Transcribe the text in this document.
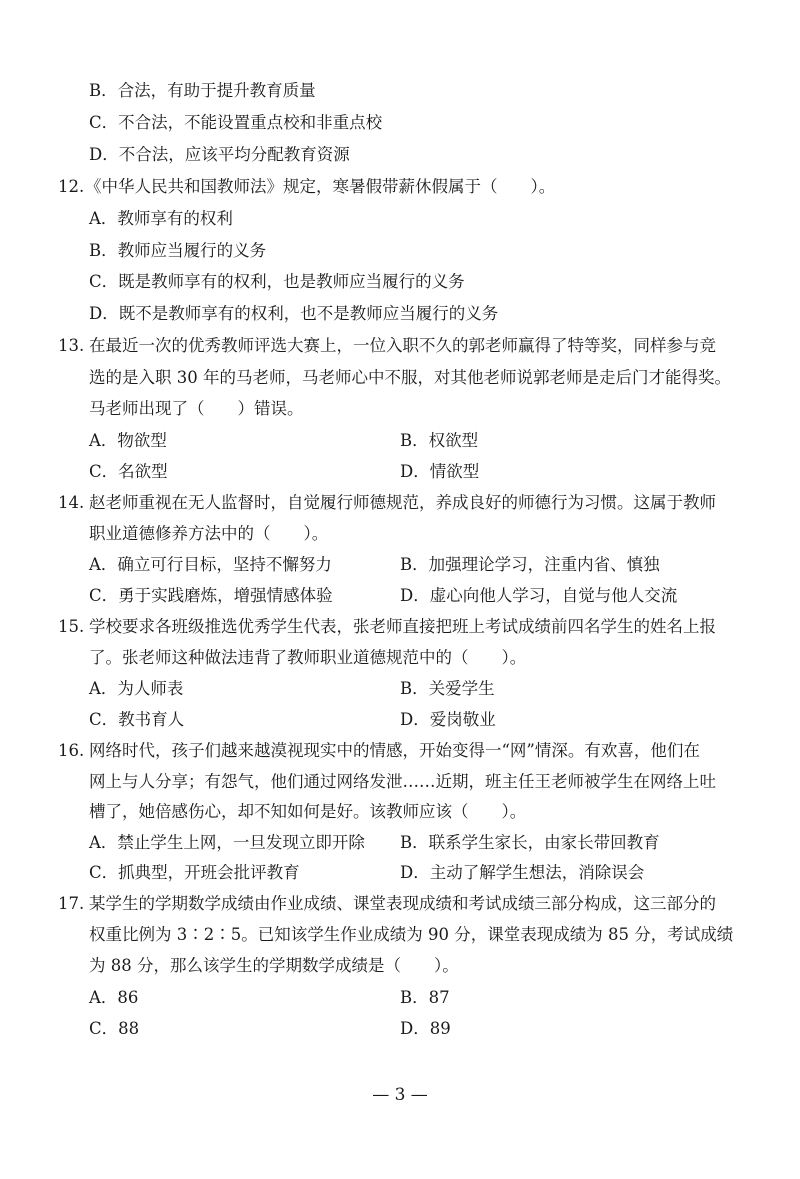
B．合法，有助于提升教育质量
C．不合法，不能设置重点校和非重点校
D．不合法，应该平均分配教育资源
12. 《中华人民共和国教师法》规定，寒暑假带薪休假属于（　　）。
A．教师享有的权利
B．教师应当履行的义务
C．既是教师享有的权利，也是教师应当履行的义务
D．既不是教师享有的权利，也不是教师应当履行的义务
13. 在最近一次的优秀教师评选大赛上，一位入职不久的郭老师赢得了特等奖，同样参与竞
选的是入职 30 年的马老师，马老师心中不服，对其他老师说郭老师是走后门才能得奖。
马老师出现了（　　）错误。
A．物欲型	B．权欲型
C．名欲型	D．情欲型
14. 赵老师重视在无人监督时，自觉履行师德规范，养成良好的师德行为习惯。这属于教师
职业道德修养方法中的（　　）。
A．确立可行目标，坚持不懈努力	B．加强理论学习，注重内省、慎独
C．勇于实践磨炼，增强情感体验	D．虚心向他人学习，自觉与他人交流
15. 学校要求各班级推选优秀学生代表，张老师直接把班上考试成绩前四名学生的姓名上报
了。张老师这种做法违背了教师职业道德规范中的（　　）。
A．为人师表	B．关爱学生
C．教书育人	D．爱岗敬业
16. 网络时代，孩子们越来越漠视现实中的情感，开始变得一“网”情深。有欢喜，他们在
网上与人分享；有怨气，他们通过网络发泄……近期，班主任王老师被学生在网络上吐
槽了，她倍感伤心，却不知如何是好。该教师应该（　　）。
A．禁止学生上网，一旦发现立即开除 B．联系学生家长，由家长带回教育
C．抓典型，开班会批评教育	D．主动了解学生想法，消除误会
17. 某学生的学期数学成绩由作业成绩、课堂表现成绩和考试成绩三部分构成，这三部分的
权重比例为 3∶2∶5。已知该学生作业成绩为 90 分，课堂表现成绩为 85 分，考试成绩
为 88 分，那么该学生的学期数学成绩是（　　）。
A．86	B．87
C．88	D．89
— 3 —
